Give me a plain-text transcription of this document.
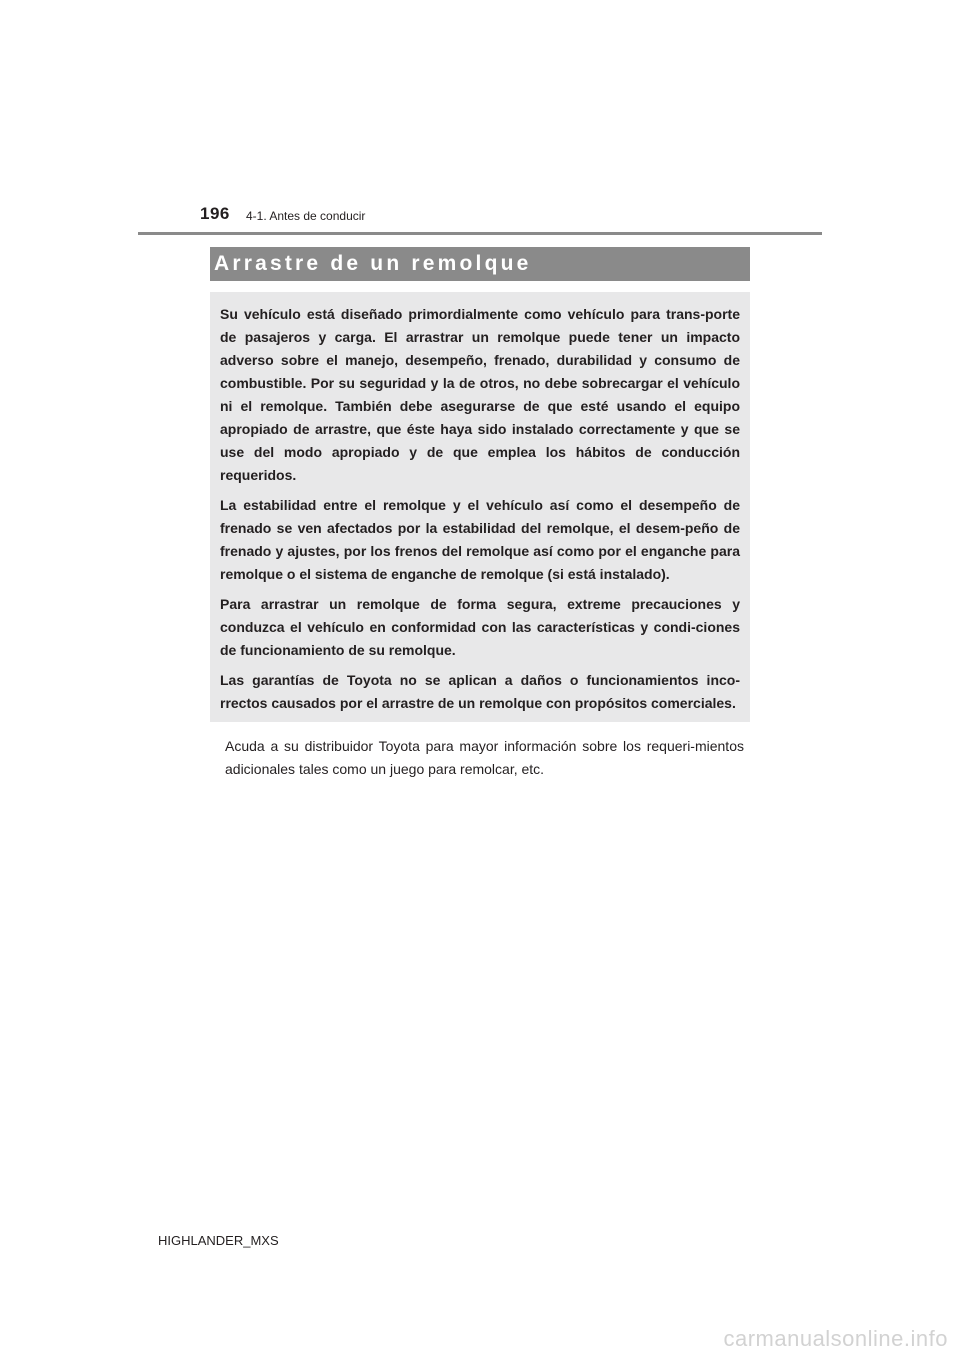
196 4-1. Antes de conducir
Arrastre de un remolque

Su vehículo está diseñado primordialmente como vehículo para trans-porte de pasajeros y carga. El arrastrar un remolque puede tener un impacto adverso sobre el manejo, desempeño, frenado, durabilidad y consumo de combustible. Por su seguridad y la de otros, no debe sobrecargar el vehículo ni el remolque. También debe asegurarse de que esté usando el equipo apropiado de arrastre, que éste haya sido instalado correctamente y que se use del modo apropiado y de que emplea los hábitos de conducción requeridos.

La estabilidad entre el remolque y el vehículo así como el desempeño de frenado se ven afectados por la estabilidad del remolque, el desem-peño de frenado y ajustes, por los frenos del remolque así como por el enganche para remolque o el sistema de enganche de remolque (si está instalado).

Para arrastrar un remolque de forma segura, extreme precauciones y conduzca el vehículo en conformidad con las características y condi-ciones de funcionamiento de su remolque.

Las garantías de Toyota no se aplican a daños o funcionamientos inco-rrectos causados por el arrastre de un remolque con propósitos comerciales.

Acuda a su distribuidor Toyota para mayor información sobre los requeri-mientos adicionales tales como un juego para remolcar, etc.

HIGHLANDER_MXS
carmanualsonline.info
